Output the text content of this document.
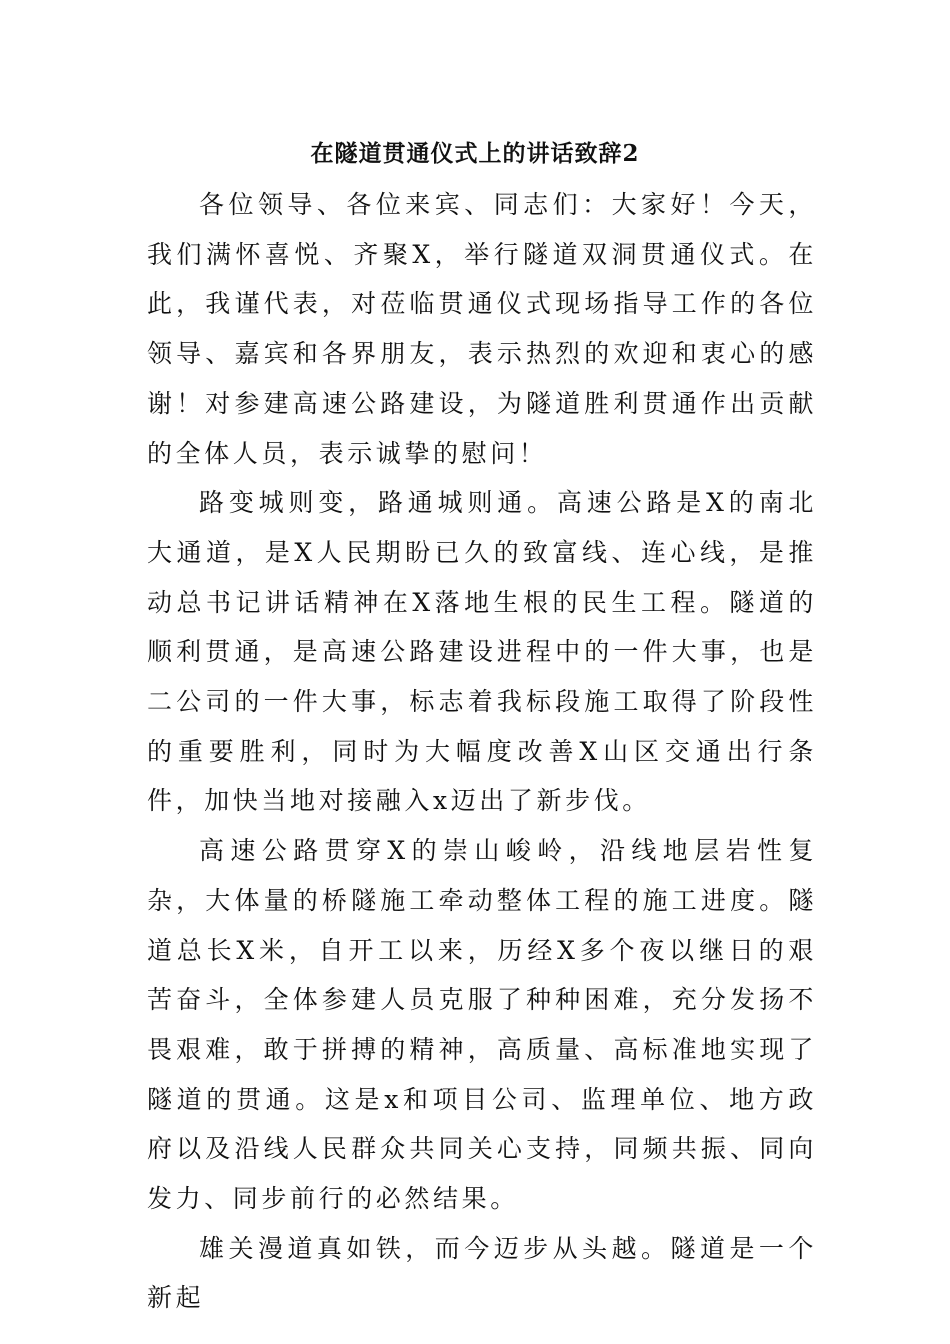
在隧道贯通仪式上的讲话致辞2

各位领导、各位来宾、同志们：大家好！今天，我们满怀喜悦、齐聚X，举行隧道双洞贯通仪式。在此，我谨代表，对莅临贯通仪式现场指导工作的各位领导、嘉宾和各界朋友，表示热烈的欢迎和衷心的感谢！对参建高速公路建设，为隧道胜利贯通作出贡献的全体人员，表示诚挚的慰问！

路变城则变，路通城则通。高速公路是X的南北大通道，是X人民期盼已久的致富线、连心线，是推动总书记讲话精神在X落地生根的民生工程。隧道的顺利贯通，是高速公路建设进程中的一件大事，也是二公司的一件大事，标志着我标段施工取得了阶段性的重要胜利，同时为大幅度改善X山区交通出行条件，加快当地对接融入x迈出了新步伐。

高速公路贯穿X的崇山峻岭，沿线地层岩性复杂，大体量的桥隧施工牵动整体工程的施工进度。隧道总长X米，自开工以来，历经X多个夜以继日的艰苦奋斗，全体参建人员克服了种种困难，充分发扬不畏艰难，敢于拼搏的精神，高质量、高标准地实现了隧道的贯通。这是x和项目公司、监理单位、地方政府以及沿线人民群众共同关心支持，同频共振、同向发力、同步前行的必然结果。

雄关漫道真如铁，而今迈步从头越。隧道是一个新起
